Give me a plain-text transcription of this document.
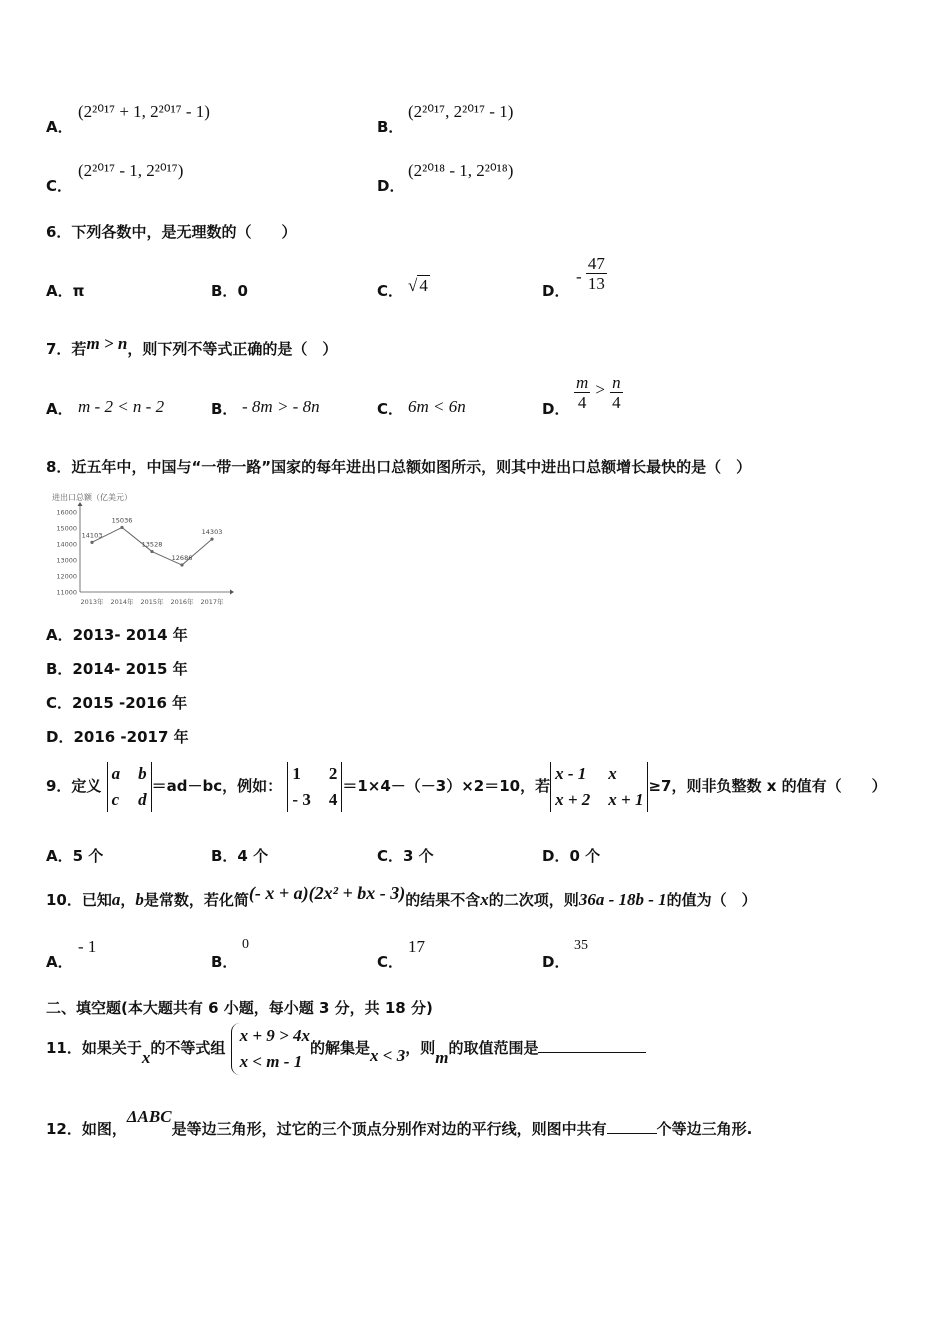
A．
(2²⁰¹⁷ + 1, 2²⁰¹⁷ - 1)
B．
(2²⁰¹⁷, 2²⁰¹⁷ - 1)
C．
(2²⁰¹⁷ - 1, 2²⁰¹⁷)
D．
(2²⁰¹⁸ - 1, 2²⁰¹⁸)
6．下列各数中，是无理数的（　　）
A．π	B．0	C． √ 4	D．
- $\frac{47}{13}$
7．若m > n，则下列不等式正确的是（　）
A． m - 2 < n - 2	B． - 8m > - 8n	C． 6m < 6n	D． $\frac{m}{4} > \frac{n}{4}$
8．近五年中，中国与“一带一路”国家的每年进出口总额如图所示，则其中进出口总额增长最快的是（　）
进出口总额（亿美元）
11000
12000
13000
14000
15000
16000
2013年 2014年 2015年 2016年 2017年
14103
15036
13528
12686
14303
A．2013- 2014 年
B．2014- 2015 年
C．2015 -2016 年
D．2016 -2017 年
9．定义
a b
c d
＝ad－bc，例如：
1	2
- 3 4
＝1×4－（－3）×2＝10，若
x - 1 x
x + 2 x + 1
≥7，则非负整数 x 的值有（　　）
A．5 个	B．4 个	C．3 个	D．0 个
10．已知a，b是常数，若化简(- x + a)(2x² + bx - 3)的结果不含x的二次项，则36a - 18b - 1的值为（　）
A．
- 1
B．
0
C．
17
D．
35
二、填空题(本大题共有 6 小题，每小题 3 分，共 18 分)
11．如果关于x的不等式组
x + 9 > 4x
x < m - 1
的解集是x < 3，则m的取值范围是
12．如图，ΔABC是等边三角形，过它的三个顶点分别作对边的平行线，则图中共有	个等边三角形.
